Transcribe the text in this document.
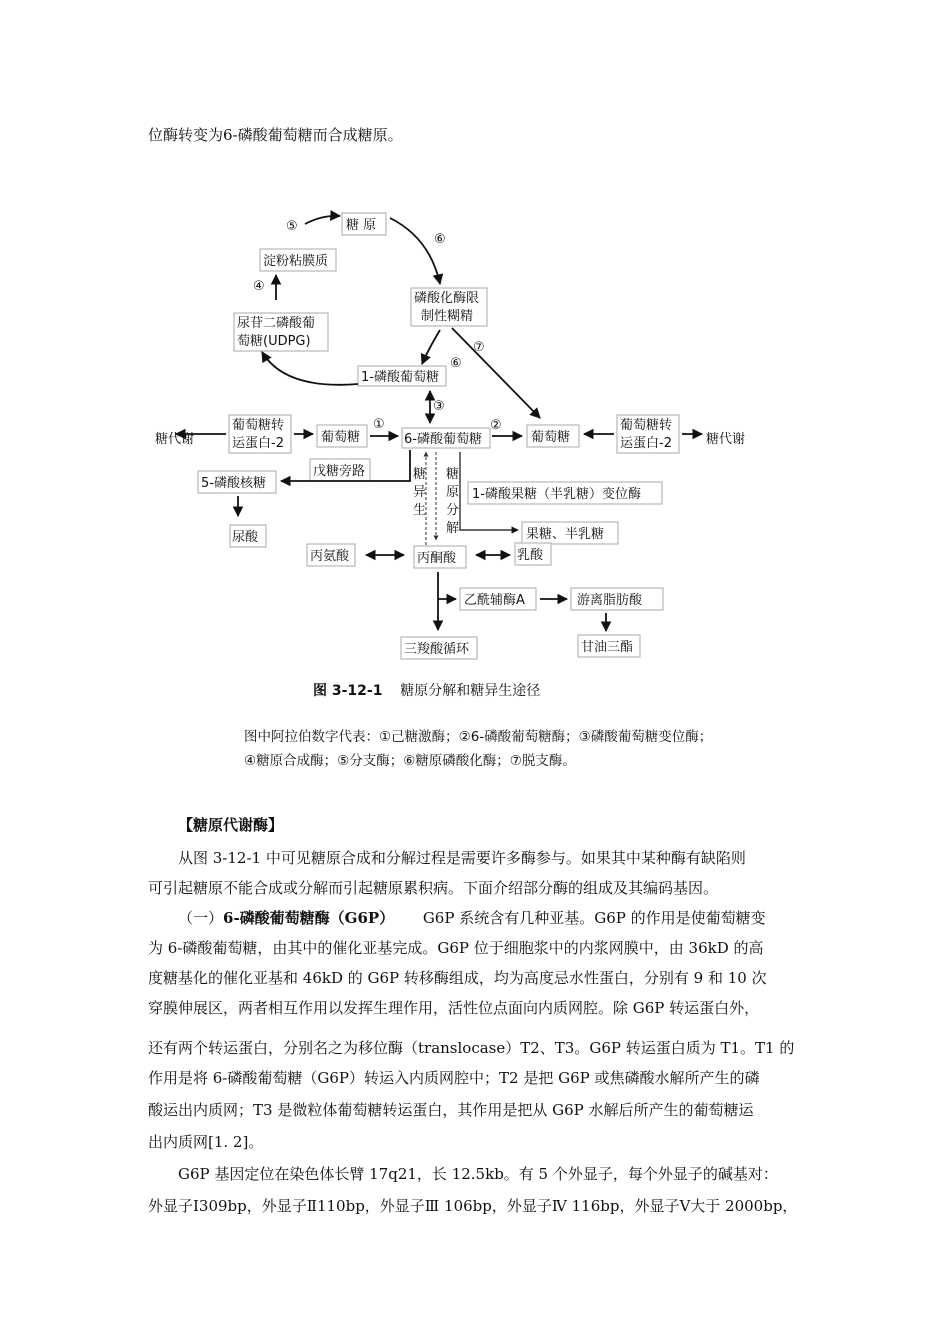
位酶转变为6-磷酸葡萄糖而合成糖原。
糖 原
磷酸化酶限
制性糊精
淀粉粘膜质
尿苷二磷酸葡
萄糖(UDPG)
1-磷酸葡萄糖
葡萄糖转
运蛋白-2	葡萄糖	6-磷酸葡萄糖	葡萄糖
葡萄糖转
运蛋白-2
糖代谢	糖代谢
5-磷酸核糖
戊糖旁路
尿酸
1-磷酸果糖（半乳糖）变位酶
果糖、半乳糖
丙氨酸	丙酮酸	乳酸
乙酰辅酶A	游离脂肪酸
三羧酸循环	甘油三酯
糖
异
生
糖
原
分
解
⑤
⑥
④
⑦
⑥
③
①	②
图 3-12-1 糖原分解和糖异生途径
图中阿拉伯数字代表：①己糖激酶；②6-磷酸葡萄糖酶；③磷酸葡萄糖变位酶；
④糖原合成酶；⑤分支酶；⑥糖原磷酸化酶；⑦脱支酶。
【糖原代谢酶】
从图 3-12-1 中可见糖原合成和分解过程是需要许多酶参与。如果其中某种酶有缺陷则
可引起糖原不能合成或分解而引起糖原累积病。下面介绍部分酶的组成及其编码基因。
（一）6-磷酸葡萄糖酶（G6P） G6P 系统含有几种亚基。G6P 的作用是使葡萄糖变
为 6-磷酸葡萄糖，由其中的催化亚基完成。G6P 位于细胞浆中的内浆网膜中，由 36kD 的高
度糖基化的催化亚基和 46kD 的 G6P 转移酶组成，均为高度忌水性蛋白，分别有 9 和 10 次
穿膜伸展区，两者相互作用以发挥生理作用，活性位点面向内质网腔。除 G6P 转运蛋白外，
还有两个转运蛋白，分别名之为移位酶（translocase）T2、T3。G6P 转运蛋白质为 T1。T1 的
作用是将 6-磷酸葡萄糖（G6P）转运入内质网腔中；T2 是把 G6P 或焦磷酸水解所产生的磷
酸运出内质网；T3 是微粒体葡萄糖转运蛋白，其作用是把从 G6P 水解后所产生的葡萄糖运
出内质网[1. 2]。
G6P 基因定位在染色体长臂 17q21，长 12.5kb。有 5 个外显子，每个外显子的碱基对：
外显子Ⅰ309bp，外显子Ⅱ110bp，外显子Ⅲ 106bp，外显子Ⅳ 116bp，外显子Ⅴ大于 2000bp，
